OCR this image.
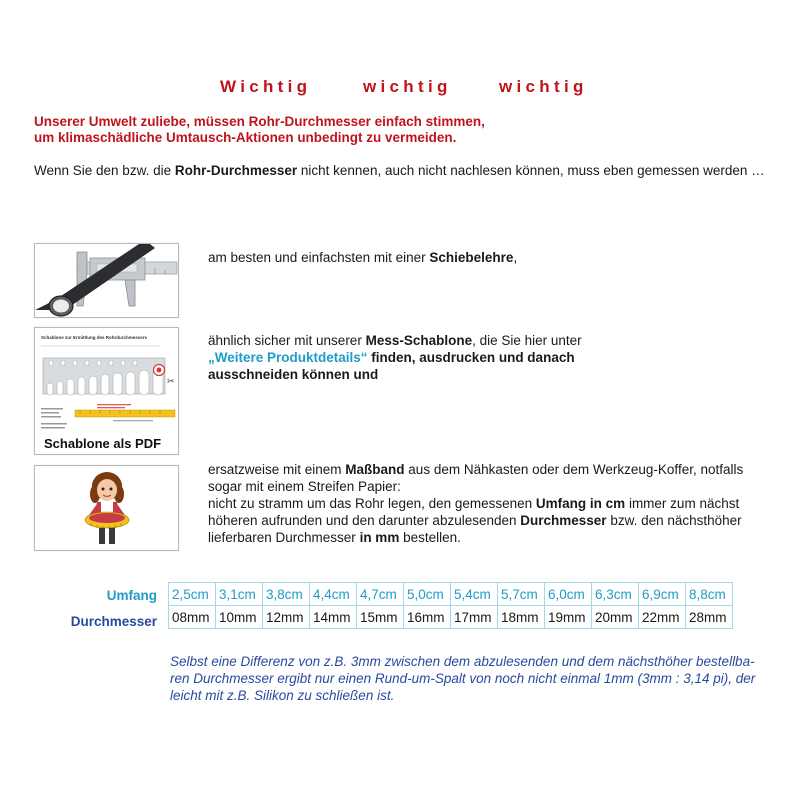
Wichtig	wichtig	wichtig
Unserer Umwelt zuliebe, müssen Rohr-Durchmesser einfach stimmen,
um klimaschädliche Umtausch-Aktionen unbedingt zu vermeiden.
Wenn Sie den bzw. die Rohr-Durchmesser nicht kennen, auch nicht nachlesen können, muss eben gemessen werden …
am besten und einfachsten mit einer Schiebelehre,
Schablone zur Ermittlung des Rohrdurchmessers
✂
Schablone als PDF
ähnlich sicher mit unserer Mess-Schablone, die Sie hier unter
„Weitere Produktdetails“ finden, ausdrucken und danach
ausschneiden können und
ersatzweise mit einem Maßband aus dem Nähkasten oder dem Werkzeug-Koffer, notfalls
sogar mit einem Streifen Papier:
nicht zu stramm um das Rohr legen, den gemessenen Umfang in cm immer zum nächst
höheren aufrunden und den darunter abzulesenden Durchmesser bzw. den nächsthöher
lieferbaren Durchmesser in mm bestellen.
Umfang
Durchmesser
2,5cm	3,1cm	3,8cm	4,4cm	4,7cm	5,0cm	5,4cm	5,7cm	6,0cm	6,3cm	6,9cm	8,8cm
08mm	10mm	12mm	14mm	15mm	16mm	17mm	18mm	19mm	20mm	22mm	28mm
Selbst eine Differenz von z.B. 3mm zwischen dem abzulesenden und dem nächsthöher bestellba-
ren Durchmesser ergibt nur einen Rund-um-Spalt von noch nicht einmal 1mm (3mm : 3,14 pi), der
leicht mit z.B. Silikon zu schließen ist.
